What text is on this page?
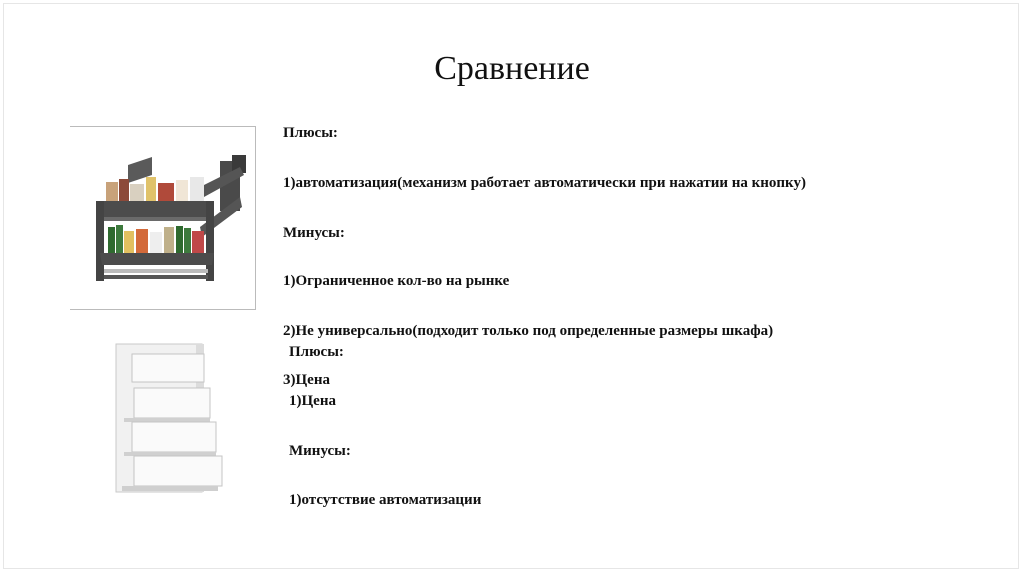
Сравнение
Плюсы:
1)автоматизация(механизм работает автоматически при нажатии на кнопку)
Минусы:
1)Ограниченное кол-во на рынке
2)Не универсально(подходит только под определенные размеры шкафа)
Плюсы:
3)Цена
1)Цена
Минусы:
1)отсутствие автоматизации
